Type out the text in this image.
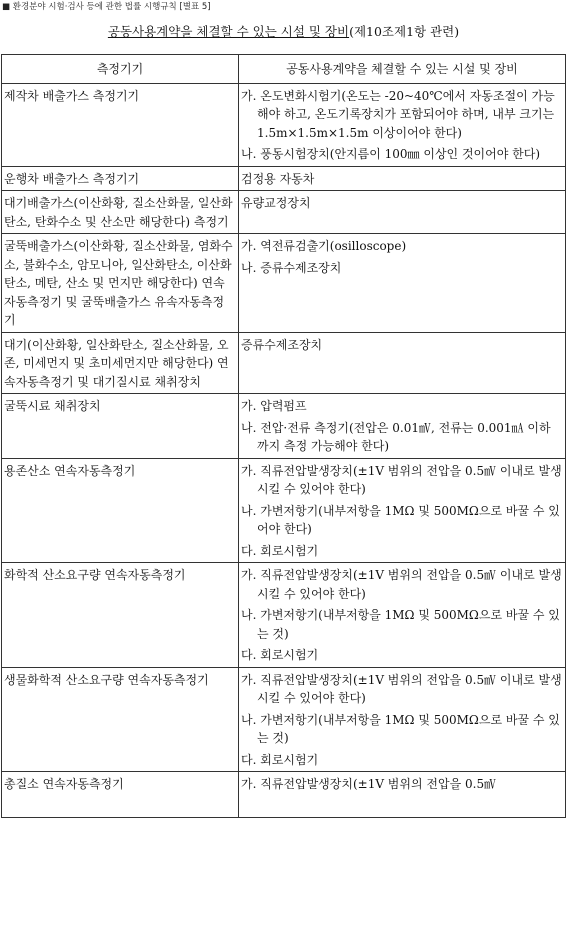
■ 환경분야 시험·검사 등에 관한 법률 시행규칙 [별표 5]
공동사용계약을 체결할 수 있는 시설 및 장비(제10조제1항 관련)
측정기기	공동사용계약을 체결할 수 있는 시설 및 장비
제작차 배출가스 측정기기	가. 온도변화시험기(온도는 -20~40℃에서 자동조절이 가능해야 하고, 온도기록장치가 포함되어야 하며, 내부 크기는 1.5m×1.5m×1.5m 이상이어야 한다)

나. 풍동시험장치(안지름이 100㎜ 이상인 것이어야 한다)

운행차 배출가스 측정기기	검정용 자동차

대기배출가스(이산화황, 질소산화물, 일산화탄소, 탄화수소 및 산소만 해당한다) 측정기	유량교정장치

굴뚝배출가스(이산화황, 질소산화물, 염화수소, 불화수소, 암모니아, 일산화탄소, 이산화탄소, 메탄, 산소 및 먼지만 해당한다) 연속자동측정기 및 굴뚝배출가스 유속자동측정기	가. 역전류검출기(osilloscope)

나. 증류수제조장치

대기(이산화황, 일산화탄소, 질소산화물, 오존, 미세먼지 및 초미세먼지만 해당한다) 연속자동측정기 및 대기질시료 채취장치	증류수제조장치

굴뚝시료 채취장치	가. 압력펌프

나. 전압·전류 측정기(전압은 0.01㎷, 전류는 0.001㎃ 이하까지 측정 가능해야 한다)

용존산소 연속자동측정기	가. 직류전압발생장치(±1V 범위의 전압을 0.5㎷ 이내로 발생시킬 수 있어야 한다)

나. 가변저항기(내부저항을 1MΩ 및 500MΩ으로 바꿀 수 있어야 한다)

다. 회로시험기

화학적 산소요구량 연속자동측정기	가. 직류전압발생장치(±1V 범위의 전압을 0.5㎷ 이내로 발생시킬 수 있어야 한다)

나. 가변저항기(내부저항을 1MΩ 및 500MΩ으로 바꿀 수 있는 것)

다. 회로시험기

생물화학적 산소요구량 연속자동측정기	가. 직류전압발생장치(±1V 범위의 전압을 0.5㎷ 이내로 발생시킬 수 있어야 한다)

나. 가변저항기(내부저항을 1MΩ 및 500MΩ으로 바꿀 수 있는 것)

다. 회로시험기

총질소 연속자동측정기	가. 직류전압발생장치(±1V 범위의 전압을 0.5㎷
